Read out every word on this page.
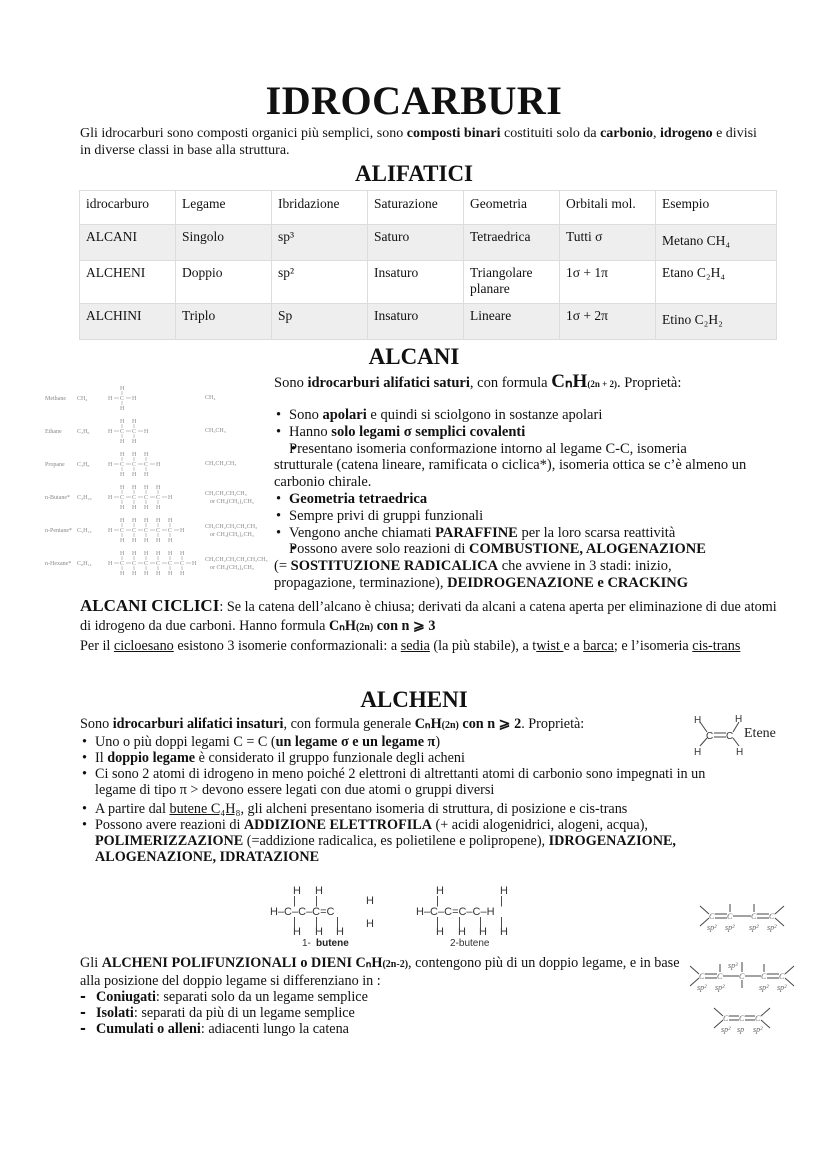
IDROCARBURI
Gli idrocarburi sono composti organici più semplici, sono composti binari costituiti solo da carbonio, idrogeno e divisi in diverse classi in base alla struttura.
ALIFATICI
idrocarburo	Legame	Ibridazione	Saturazione	Geometria	Orbitali mol.	Esempio
ALCANI	Singolo	sp³	Saturo	Tetraedrica	Tutti σ	Metano CH₄
ALCHENI	Doppio	sp²	Insaturo	Triangolare planare	1σ + 1π	Etano C₂H₄
ALCHINI	Triplo	Sp	Insaturo	Lineare	1σ + 2π	Etino C₂H₂
ALCANI
Sono idrocarburi alifatici saturi, con formula CₙH(2n + 2). Proprietà:
Methane CH₄	H C
H
H
H	CH₄
Ethane	C₂H₆	H C
H
H
C
H
H
H	CH₃CH₃
Propane C₃H₈	H C
H
H
C
H
H
C
H
H
H	CH₃CH₂CH₃
n-Butane* C₄H₁₀	H C
H
H
C
H
H
C
H
H
C
H
H
H
CH₃CH₂CH₂CH₃
or CH₃(CH₂)₂CH₃
n-Pentane* C₅H₁₂	H C
H
H
C
H
H
C
H
H
C
H
H
C
H
H
H
CH₃CH₂CH₂CH₂CH₃
or CH₃(CH₂)₃CH₃
n-Hexane* C₆H₁₄	H C
H
H
C
H
H
C
H
H
C
H
H
C
H
H
C
H
H
H
CH₃CH₂CH₂CH₂CH₂CH₃
or CH₃(CH₂)₄CH₃
• Sono apolari e quindi si sciolgono in sostanze apolari
• Hanno solo legami σ semplici covalenti
• Presentano isomeria conformazione intorno al legame C-C, isomeria strutturale (catena lineare, ramificata o ciclica*), isomeria ottica se c’è almeno un carbonio chirale.
• Geometria tetraedrica
• Sempre privi di gruppi funzionali
• Vengono anche chiamati PARAFFINE per la loro scarsa reattività
• Possono avere solo reazioni di COMBUSTIONE, ALOGENAZIONE
(= SOSTITUZIONE RADICALICA che avviene in 3 stadi: inizio, propagazione, terminazione), DEIDROGENAZIONE e CRACKING
ALCANI CICLICI: Se la catena dell’alcano è chiusa; derivati da alcani a catena aperta per eliminazione di due atomi di idrogeno da due carboni. Hanno formula CₙH(2n) con n ⩾ 3
Per il cicloesano esistono 3 isomerie conformazionali: a sedia (la più stabile), a twist e a barca; e l’isomeria cis-trans
ALCHENI
Sono idrocarburi alifatici insaturi, con formula generale CₙH(2n) con n ⩾ 2. Proprietà:
• Uno o più doppi legami C = C (un legame σ e un legame π)
• Il doppio legame è considerato il gruppo funzionale degli acheni
• Ci sono 2 atomi di idrogeno in meno poiché 2 elettroni di altrettanti atomi di carbonio sono impegnati in un legame di tipo π > devono essere legati con due atomi o gruppi diversi
• A partire dal butene C₄H₈, gli alcheni presentano isomeria di struttura, di posizione e cis-trans
• Possono avere reazioni di ADDIZIONE ELETTROFILA (+ acidi alogenidrici, alogeni, acqua), POLIMERIZZAZIONE (=addizione radicalica, es polietilene e polipropene), IDROGENAZIONE, ALOGENAZIONE, IDRATAZIONE
H	H
H	H
C C Etene
H–C–C–C=C
H H
H H H
| |
| | |
H
H
H–C–C=C–C–H
H	H
H H H H
|	|
| | | |
1- butene	2-butene
C C C C
sp² sp² sp² sp²
C C C C C
sp² sp²
sp³
sp² sp²
C C C
sp² sp sp²
Gli ALCHENI POLIFUNZIONALI o DIENI CₙH(2n-2), contengono più di un doppio legame, e in base alla posizione del doppio legame si differenziano in :
- Coniugati: separati solo da un legame semplice
- Isolati: separati da più di un legame semplice
- Cumulati o alleni: adiacenti lungo la catena
